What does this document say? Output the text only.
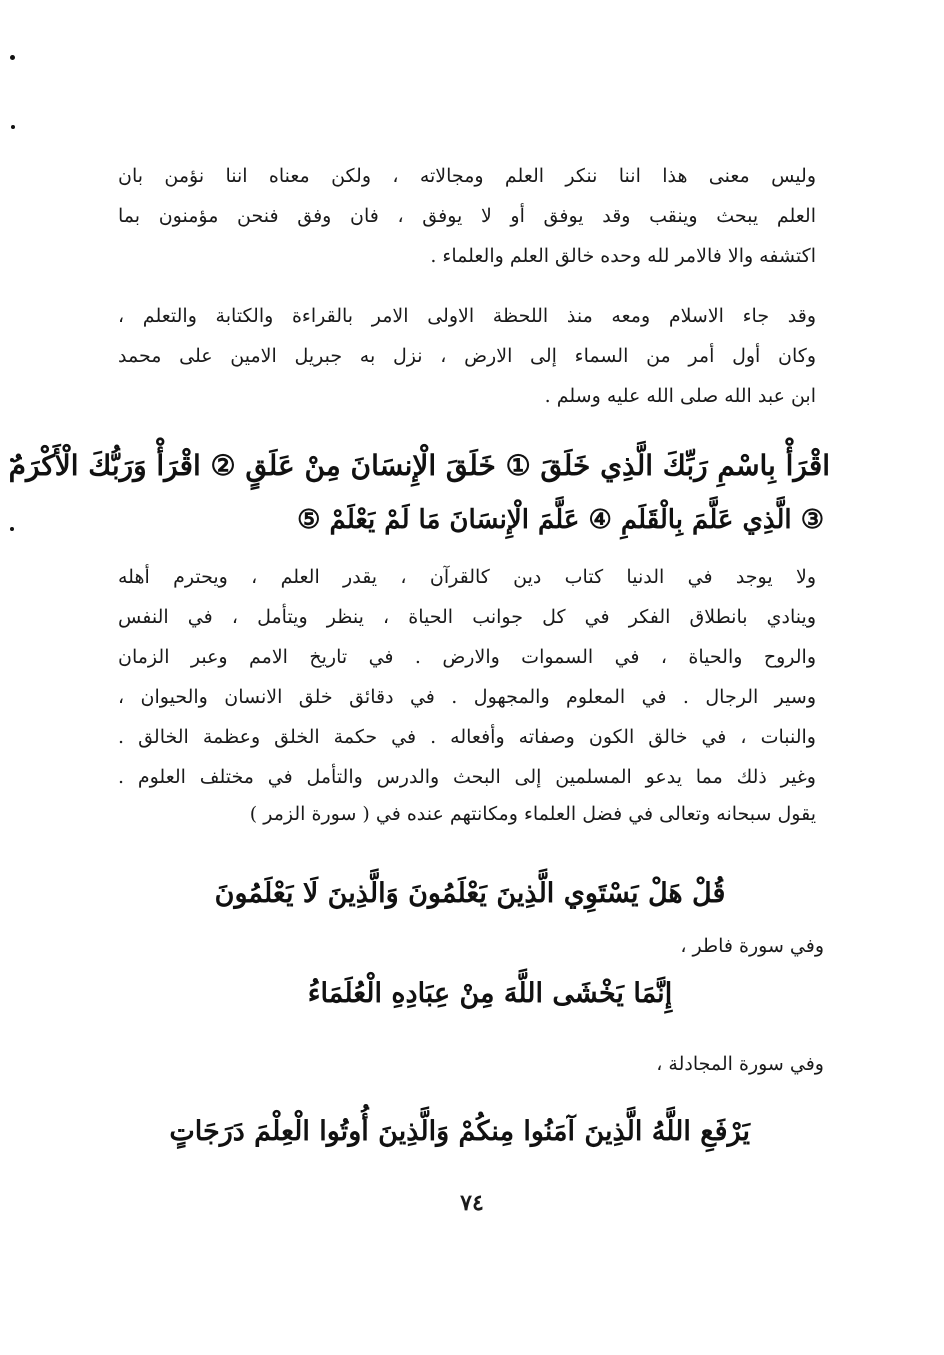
وليس معنى هذا اننا ننكر العلم ومجالاته ، ولكن معناه اننا نؤمن بان
العلم يبحث وينقب وقد يوفق أو لا يوفق ، فان وفق فنحن مؤمنون بما
اكتشفه والا فالامر لله وحده خالق العلم والعلماء .
وقد جاء الاسلام ومعه منذ اللحظة الاولى الامر بالقراءة والكتابة والتعلم ،
وكان أول أمر من السماء إلى الارض ، نزل به جبريل الامين على محمد
ابن عبد الله صلى الله عليه وسلم .
اقْرَأْ بِاسْمِ رَبِّكَ الَّذِي خَلَقَ ① خَلَقَ الْإِنسَانَ مِنْ عَلَقٍ ② اقْرَأْ وَرَبُّكَ الْأَكْرَمُ
③ الَّذِي عَلَّمَ بِالْقَلَمِ ④ عَلَّمَ الْإِنسَانَ مَا لَمْ يَعْلَمْ ⑤
ولا يوجد في الدنيا كتاب دين كالقرآن ، يقدر العلم ، ويحترم أهله
وينادي بانطلاق الفكر في كل جوانب الحياة ، ينظر ويتأمل ، في النفس
والروح والحياة ، في السموات والارض . في تاريخ الامم وعبر الزمان
وسير الرجال . في المعلوم والمجهول . في دقائق خلق الانسان والحيوان ،
والنبات ، في خالق الكون وصفاته وأفعاله . في حكمة الخلق وعظمة الخالق .
وغير ذلك مما يدعو المسلمين إلى البحث والدرس والتأمل في مختلف العلوم .
يقول سبحانه وتعالى في فضل العلماء ومكانتهم عنده في ( سورة الزمر )
قُلْ هَلْ يَسْتَوِي الَّذِينَ يَعْلَمُونَ وَالَّذِينَ لَا يَعْلَمُونَ
وفي سورة فاطر ،
إِنَّمَا يَخْشَى اللَّهَ مِنْ عِبَادِهِ الْعُلَمَاءُ
وفي سورة المجادلة ،
يَرْفَعِ اللَّهُ الَّذِينَ آمَنُوا مِنكُمْ وَالَّذِينَ أُوتُوا الْعِلْمَ دَرَجَاتٍ
٧٤
